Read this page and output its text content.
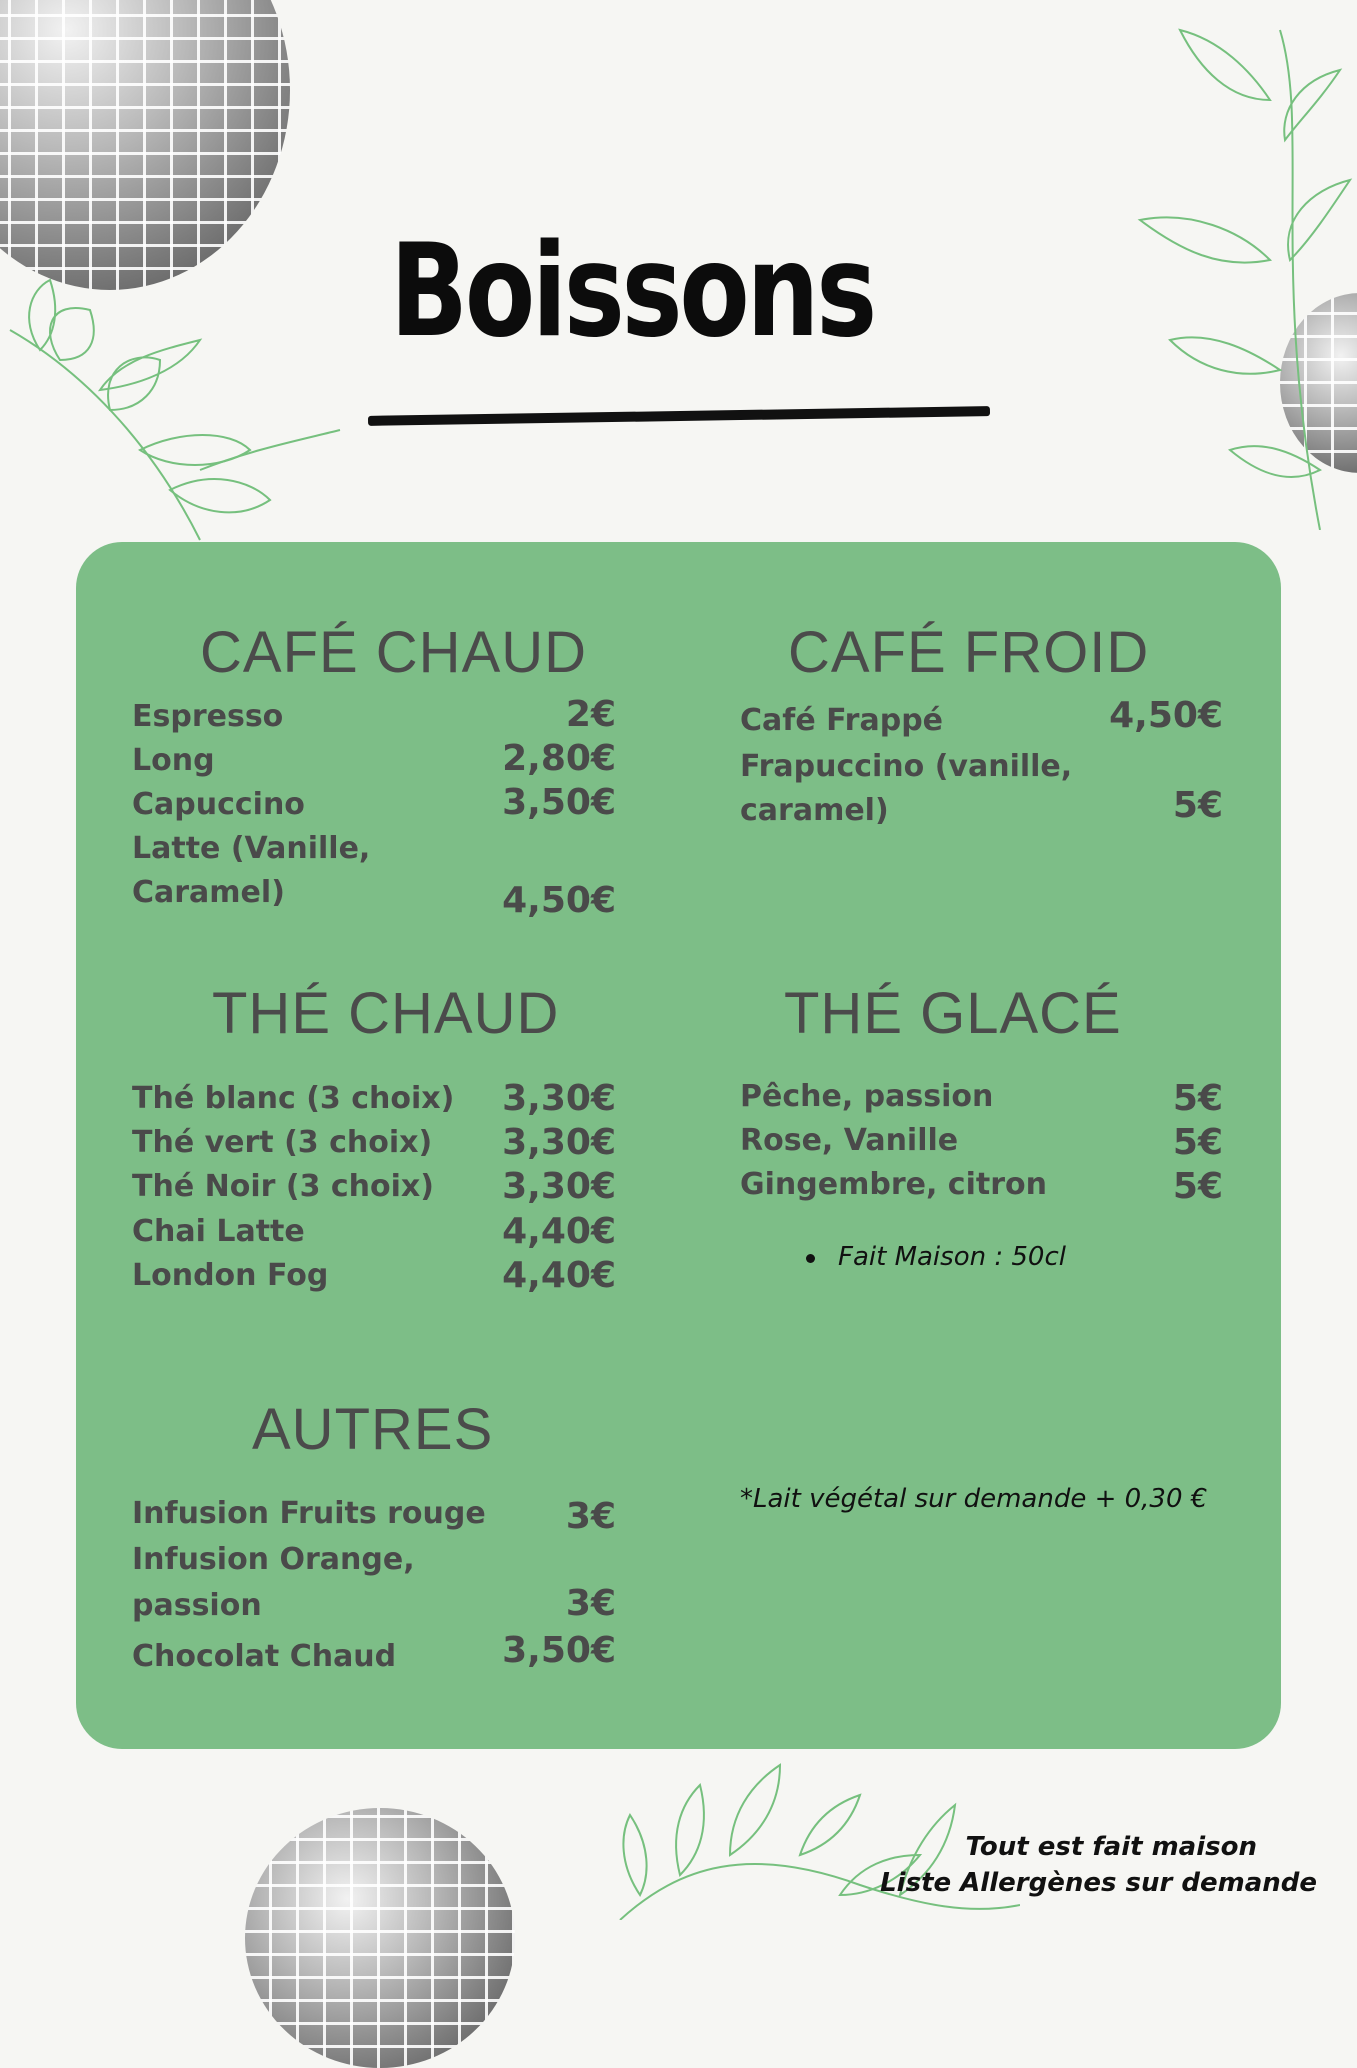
Boissons
CAFÉ CHAUD
Espresso	2€
Long	2,80€
Capuccino	3,50€
Latte (Vanille,
Caramel)	4,50€
CAFÉ FROID
Café Frappé	4,50€
Frapuccino (vanille,
caramel)	5€
THÉ CHAUD
Thé blanc (3 choix)	3,30€
Thé vert (3 choix)	3,30€
Thé Noir (3 choix)	3,30€
Chai Latte	4,40€
London Fog	4,40€
THÉ GLACÉ
Pêche, passion	5€
Rose, Vanille	5€
Gingembre, citron	5€
Fait Maison : 50cl
AUTRES
Infusion Fruits rouge	3€
Infusion Orange,
passion	3€
Chocolat Chaud	3,50€
*Lait végétal sur demande + 0,30 €
Tout est fait maison
Liste Allergènes sur demande
